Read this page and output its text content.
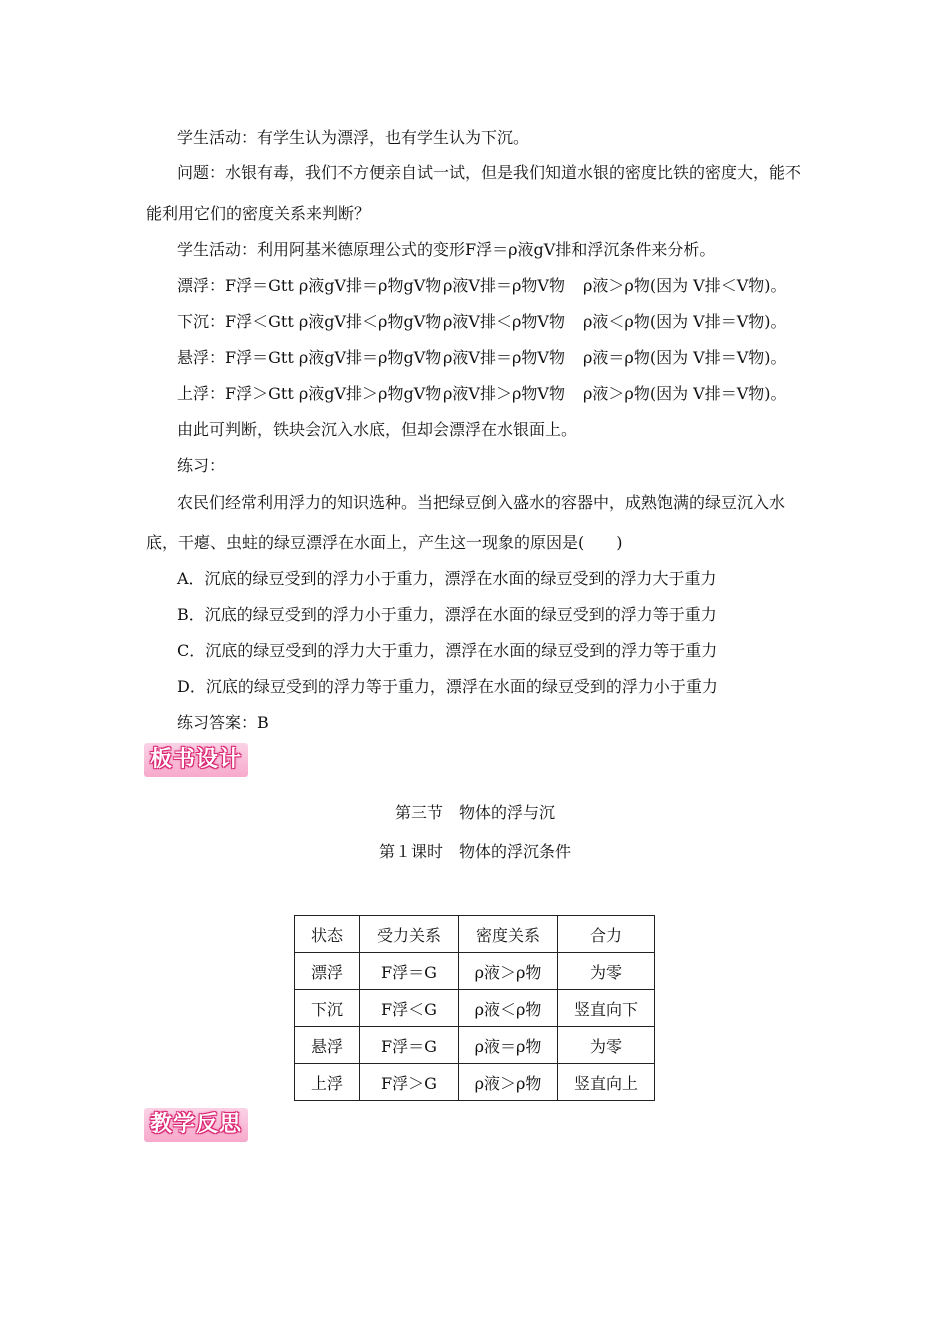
学生活动：有学生认为漂浮，也有学生认为下沉。
问题：水银有毒，我们不方便亲自试一试，但是我们知道水银的密度比铁的密度大，能不
能利用它们的密度关系来判断？
学生活动：利用阿基米德原理公式的变形F浮＝ρ液gV排和浮沉条件来分析。
漂浮：F浮＝Gtt ρ液gV排＝ρ物gV物 ρ液V排＝ρ物V物 ρ液＞ρ物(因为 V排＜V物)。
下沉：F浮＜Gtt ρ液gV排＜ρ物gV物 ρ液V排＜ρ物V物 ρ液＜ρ物(因为 V排＝V物)。
悬浮：F浮＝Gtt ρ液gV排＝ρ物gV物 ρ液V排＝ρ物V物 ρ液＝ρ物(因为 V排＝V物)。
上浮：F浮＞Gtt ρ液gV排＞ρ物gV物 ρ液V排＞ρ物V物 ρ液＞ρ物(因为 V排＝V物)。
由此可判断，铁块会沉入水底，但却会漂浮在水银面上。
练习：
农民们经常利用浮力的知识选种。当把绿豆倒入盛水的容器中，成熟饱满的绿豆沉入水
底，干瘪、虫蛀的绿豆漂浮在水面上，产生这一现象的原因是(　　)
A．沉底的绿豆受到的浮力小于重力，漂浮在水面的绿豆受到的浮力大于重力
B．沉底的绿豆受到的浮力小于重力，漂浮在水面的绿豆受到的浮力等于重力
C．沉底的绿豆受到的浮力大于重力，漂浮在水面的绿豆受到的浮力等于重力
D．沉底的绿豆受到的浮力等于重力，漂浮在水面的绿豆受到的浮力小于重力
练习答案：B
板书设计
第三节　物体的浮与沉
第１课时　物体的浮沉条件
状态	受力关系	密度关系	合力
漂浮	F浮＝G	ρ液＞ρ物	为零
下沉	F浮＜G	ρ液＜ρ物	竖直向下
悬浮	F浮＝G	ρ液＝ρ物	为零
上浮	F浮＞G	ρ液＞ρ物	竖直向上
教学反思
